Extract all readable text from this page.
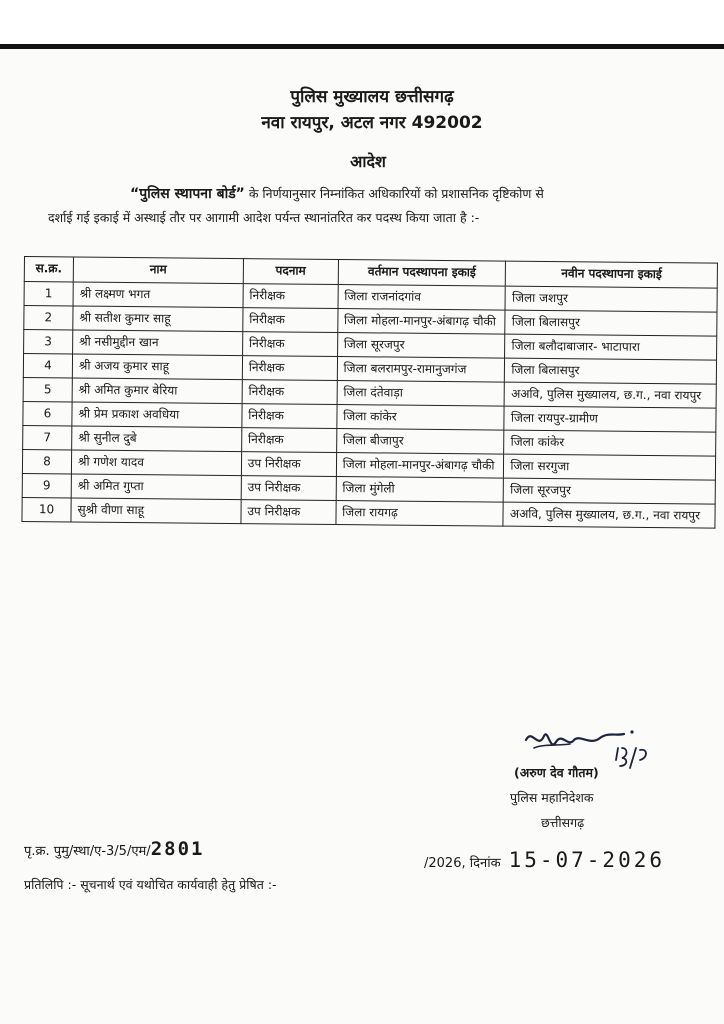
पुलिस मुख्यालय छत्तीसगढ़
नवा रायपुर, अटल नगर 492002
आदेश
“पुलिस स्थापना बोर्ड” के निर्णयानुसार निम्नांकित अधिकारियों को प्रशासनिक दृष्टिकोण से
दर्शाई गई इकाई में अस्थाई तौर पर आगामी आदेश पर्यन्त स्थानांतरित कर पदस्थ किया जाता है :-
स.क्र.	नाम	पदनाम	वर्तमान पदस्थापना इकाई	नवीन पदस्थापना इकाई
1	श्री लक्ष्मण भगत	निरीक्षक	जिला राजनांदगांव	जिला जशपुर
2	श्री सतीश कुमार साहू	निरीक्षक	जिला मोहला-मानपुर-अंबागढ़ चौकी	जिला बिलासपुर
3	श्री नसीमुद्दीन खान	निरीक्षक	जिला सूरजपुर	जिला बलौदाबाजार- भाटापारा
4	श्री अजय कुमार साहू	निरीक्षक	जिला बलरामपुर-रामानुजगंज	जिला बिलासपुर
5	श्री अमित कुमार बेरिया	निरीक्षक	जिला दंतेवाड़ा	अअवि, पुलिस मुख्यालय, छ.ग., नवा रायपुर
6	श्री प्रेम प्रकाश अवधिया	निरीक्षक	जिला कांकेर	जिला रायपुर-ग्रामीण
7	श्री सुनील दुबे	निरीक्षक	जिला बीजापुर	जिला कांकेर
8	श्री गणेश यादव	उप निरीक्षक	जिला मोहला-मानपुर-अंबागढ़ चौकी	जिला सरगुजा
9	श्री अमित गुप्ता	उप निरीक्षक	जिला मुंगेली	जिला सूरजपुर
10	सुश्री वीणा साहू	उप निरीक्षक	जिला रायगढ़	अअवि, पुलिस मुख्यालय, छ.ग., नवा रायपुर
(अरुण देव गौतम)
पुलिस महानिदेशक
छत्तीसगढ़
पृ.क्र. पुमु/स्था/ए-3/5/एम/2801
/2026, दिनांक 15-07-2026
प्रतिलिपि :- सूचनार्थ एवं यथोचित कार्यवाही हेतु प्रेषित :-
